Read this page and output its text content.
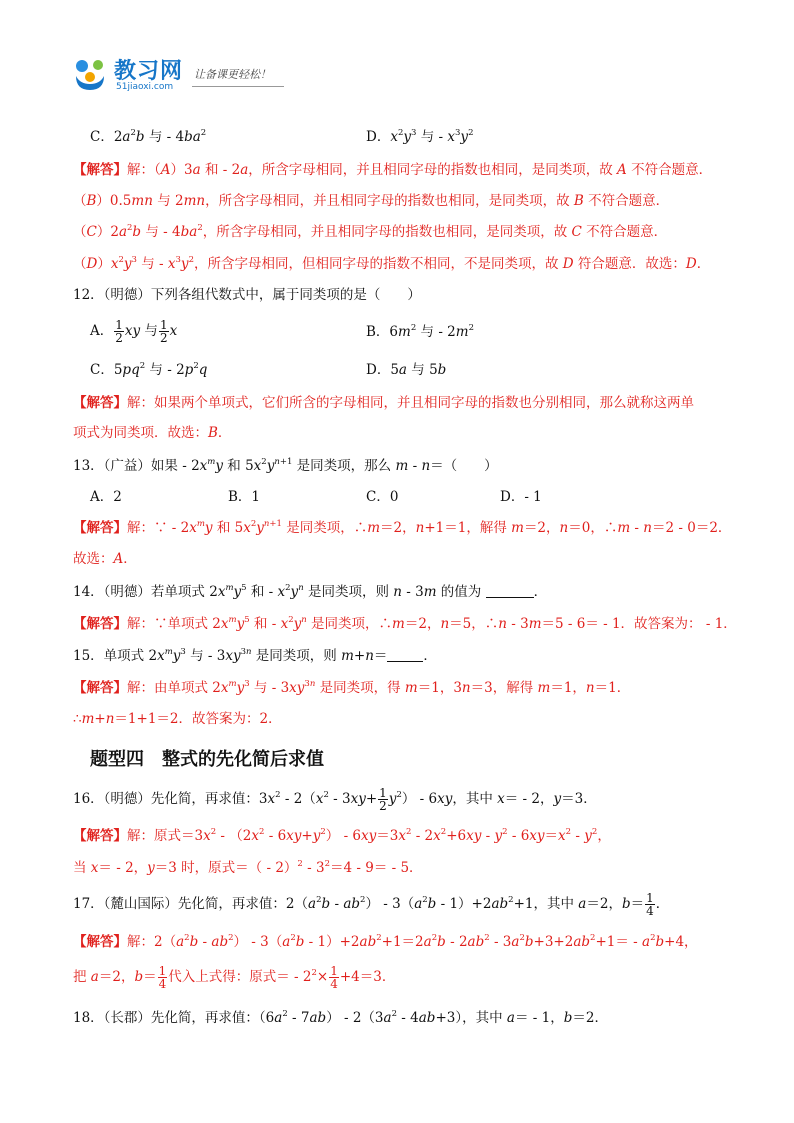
教习网
51jiaoxi.com
让备课更轻松！
C．$2a^2b$ 与 - $4ba^2$	D．$x^2y^3$ 与 - $x^3y^2$
【解答】解：（A）3a 和 - 2a，所含字母相同，并且相同字母的指数也相同，是同类项，故 A 不符合题意．
（B）0.5mn 与 2mn，所含字母相同，并且相同字母的指数也相同，是同类项，故 B 不符合题意．
$(C)2a^2b$ 与 - $4ba^2$，所含字母相同，并且相同字母的指数也相同，是同类项，故 C 不符合题意．
$(D)x^2y^3$ 与 - $x^3y^2$，所含字母相同，但相同字母的指数不相同，不是同类项，故 D 符合题意．故选：D．
12．（明德）下列各组代数式中，属于同类项的是（　　）
A． $\frac{1}{2}$ xy 与 $\frac{1}{2}$ x	B．$6m^2$ 与 - $2m^2$
C．$5pq^2$ 与 - $2p^2q$	D．5a 与 5b
【解答】解：如果两个单项式，它们所含的字母相同，并且相同字母的指数也分别相同，那么就称这两单
项式为同类项．故选：B．
13．（广益）如果 - $2x^my$ 和 $5x^2y^{n+1}$ 是同类项，那么 m - n＝（　　）
A．2	B．1	C．0	D．- 1
【解答】解：∵ - $2x^my$ 和 $5x^2y^{n+1}$ 是同类项，∴m＝2，n+1＝1，解得 m＝2，n＝0，∴m - n＝2 - 0＝2．
故选：A．
14．（明德）若单项式 $2x^my^5$ 和 - $x^2y^n$ 是同类项，则 n - 3m 的值为	．
【解答】解：∵单项式 $2x^my^5$ 和 - $x^2y^n$ 是同类项，∴m＝2，n＝5，∴n - 3m＝5 - 6＝ - 1．故答案为： - 1．
15．单项式 $2x^my^3$ 与 - $3xy^{3n}$ 是同类项，则 m+n＝	．
【解答】解：由单项式 $2x^my^3$ 与 - $3xy^{3n}$ 是同类项，得 m＝1，3n＝3，解得 m＝1，n＝1．
∴m+n＝1+1＝2．故答案为：2．
题型四　整式的先化简后求值
16．（明德）先化简，再求值：$3x^2 - 2(x^2 - 3xy+ \frac{1}{2} y^2) - 6xy$，其中 x＝ - 2，y＝3．
【解答】解：原式$=3x^2 - (2x^2 - 6xy+y^2) - 6xy=3x^2 - 2x^2+6xy - y^2 - 6xy=x^2 - y^2$，
当 x＝ - 2，y＝3 时，原式＝（ - $2)^2 - 3^2=4 - 9= - 5$．
17．（麓山国际）先化简，再求值：$2(a^2b - ab^2) - 3(a^2b - 1)+2ab^2+1$，其中 a＝2，$b= \frac{1}{4}$ ．
【解答】解：$2(a^2b - ab^2) - 3(a^2b - 1)+2ab^2+1=2a^2b - 2ab^2 - 3a^2b+3+2ab^2+1= - a^2b+4$，
把 a＝2，$b= \frac{1}{4}$ 代入上式得：原式＝ - $2^2\times \frac{1}{4} +4=3$．
18．（长郡）先化简，再求值：$(6a^2 - 7ab) - 2(3a^2 - 4ab+3)$，其中 a＝ - 1，b＝2．
